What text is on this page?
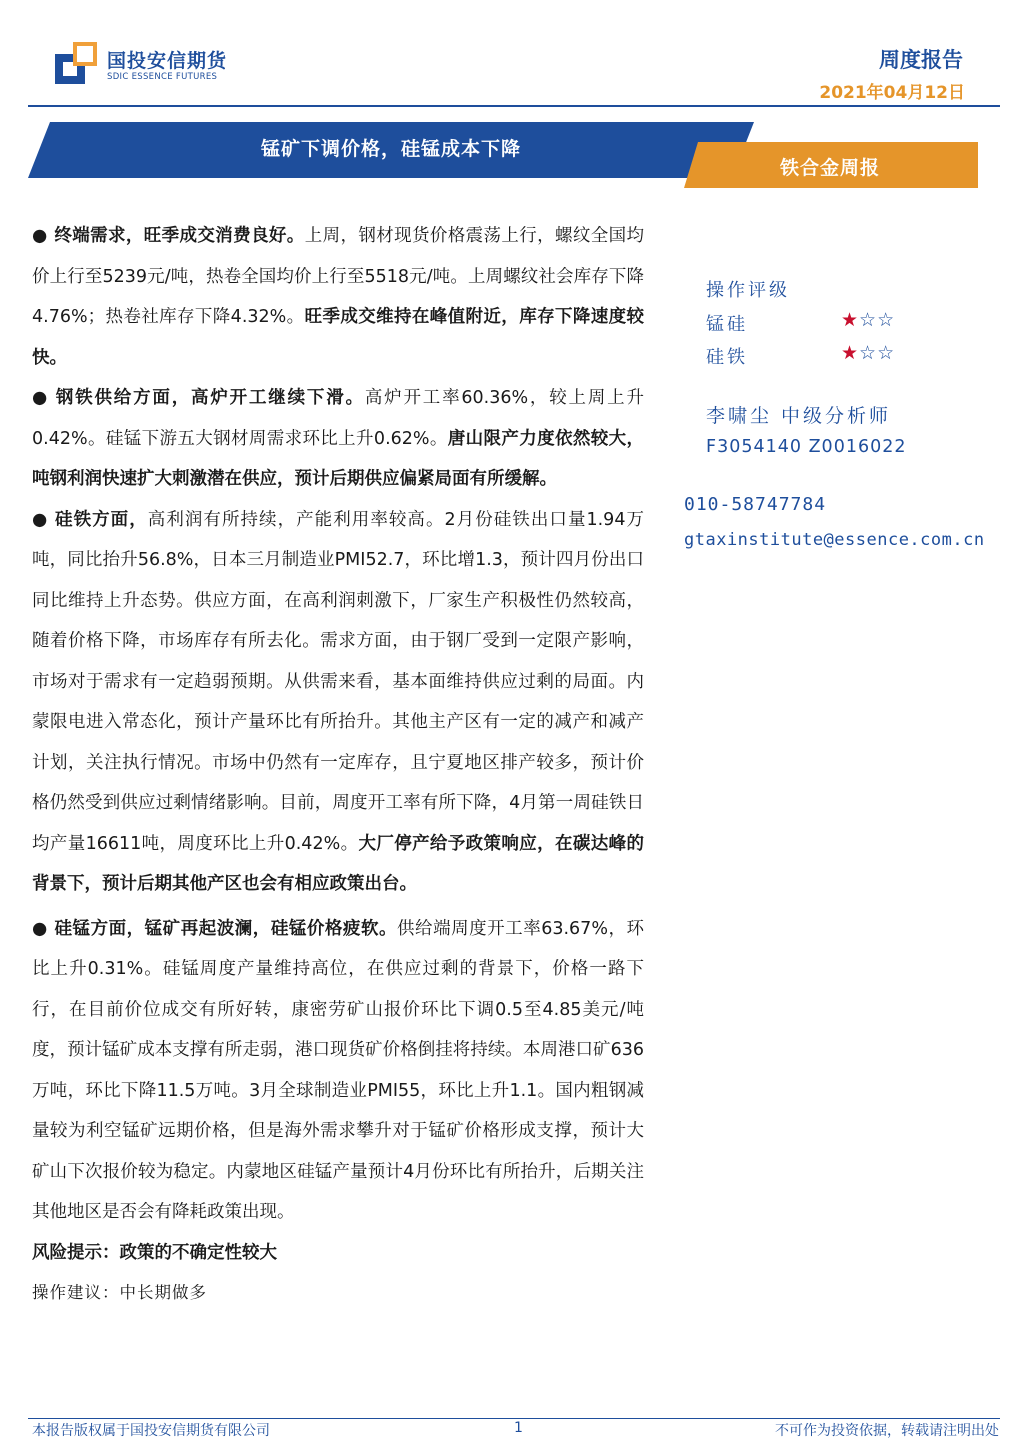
国投安信期货
SDIC ESSENCE FUTURES
周度报告
2021年04月12日
锰矿下调价格，硅锰成本下降
铁合金周报

● 终端需求，旺季成交消费良好。上周，钢材现货价格震荡上行，螺纹全国均价上行至5239元/吨，热卷全国均价上行至5518元/吨。上周螺纹社会库存下降4.76%；热卷社库存下降4.32%。旺季成交维持在峰值附近，库存下降速度较快。

● 钢铁供给方面，高炉开工继续下滑。高炉开工率60.36%，较上周上升0.42%。硅锰下游五大钢材周需求环比上升0.62%。唐山限产力度依然较大，吨钢利润快速扩大刺激潜在供应，预计后期供应偏紧局面有所缓解。

● 硅铁方面，高利润有所持续，产能利用率较高。2月份硅铁出口量1.94万吨，同比抬升56.8%，日本三月制造业PMI52.7，环比增1.3，预计四月份出口同比维持上升态势。供应方面，在高利润刺激下，厂家生产积极性仍然较高，随着价格下降，市场库存有所去化。需求方面，由于钢厂受到一定限产影响，市场对于需求有一定趋弱预期。从供需来看，基本面维持供应过剩的局面。内蒙限电进入常态化，预计产量环比有所抬升。其他主产区有一定的减产和减产计划，关注执行情况。市场中仍然有一定库存，且宁夏地区排产较多，预计价格仍然受到供应过剩情绪影响。目前，周度开工率有所下降，4月第一周硅铁日均产量16611吨，周度环比上升0.42%。大厂停产给予政策响应，在碳达峰的背景下，预计后期其他产区也会有相应政策出台。

● 硅锰方面，锰矿再起波澜，硅锰价格疲软。供给端周度开工率63.67%，环比上升0.31%。硅锰周度产量维持高位，在供应过剩的背景下，价格一路下行，在目前价位成交有所好转，康密劳矿山报价环比下调0.5至4.85美元/吨度，预计锰矿成本支撑有所走弱，港口现货矿价格倒挂将持续。本周港口矿636万吨，环比下降11.5万吨。3月全球制造业PMI55，环比上升1.1。国内粗钢减量较为利空锰矿远期价格，但是海外需求攀升对于锰矿价格形成支撑，预计大矿山下次报价较为稳定。内蒙地区硅锰产量预计4月份环比有所抬升，后期关注其他地区是否会有降耗政策出现。

风险提示：政策的不确定性较大

操作建议：中长期做多

操作评级
锰硅	★☆☆
硅铁	★☆☆
李啸尘 中级分析师
F3054140 Z0016022
010-58747784
gtaxinstitute@essence.com.cn
本报告版权属于国投安信期货有限公司	1	不可作为投资依据，转载请注明出处
